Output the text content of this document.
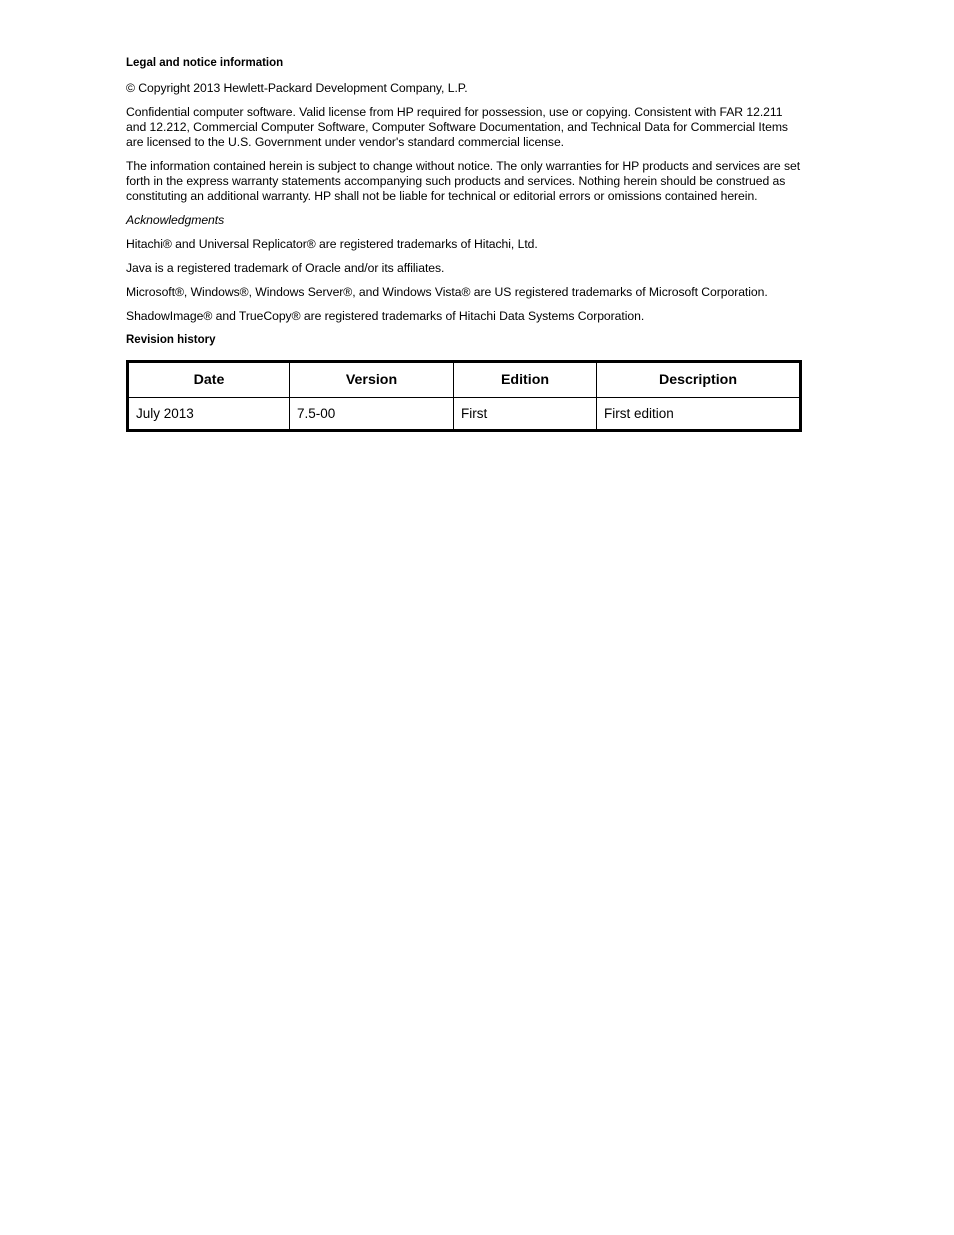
Legal and notice information

© Copyright 2013 Hewlett-Packard Development Company, L.P.

Confidential computer software. Valid license from HP required for possession, use or copying. Consistent with FAR 12.211 and 12.212, Commercial Computer Software, Computer Software Documentation, and Technical Data for Commercial Items are licensed to the U.S. Government under vendor's standard commercial license.

The information contained herein is subject to change without notice. The only warranties for HP products and services are set forth in the express warranty statements accompanying such products and services. Nothing herein should be construed as constituting an additional warranty. HP shall not be liable for technical or editorial errors or omissions contained herein.

Acknowledgments

Hitachi® and Universal Replicator® are registered trademarks of Hitachi, Ltd.

Java is a registered trademark of Oracle and/or its affiliates.

Microsoft®, Windows®, Windows Server®, and Windows Vista® are US registered trademarks of Microsoft Corporation.

ShadowImage® and TrueCopy® are registered trademarks of Hitachi Data Systems Corporation.

Revision history
Date	Version	Edition	Description
July 2013	7.5-00	First	First edition
